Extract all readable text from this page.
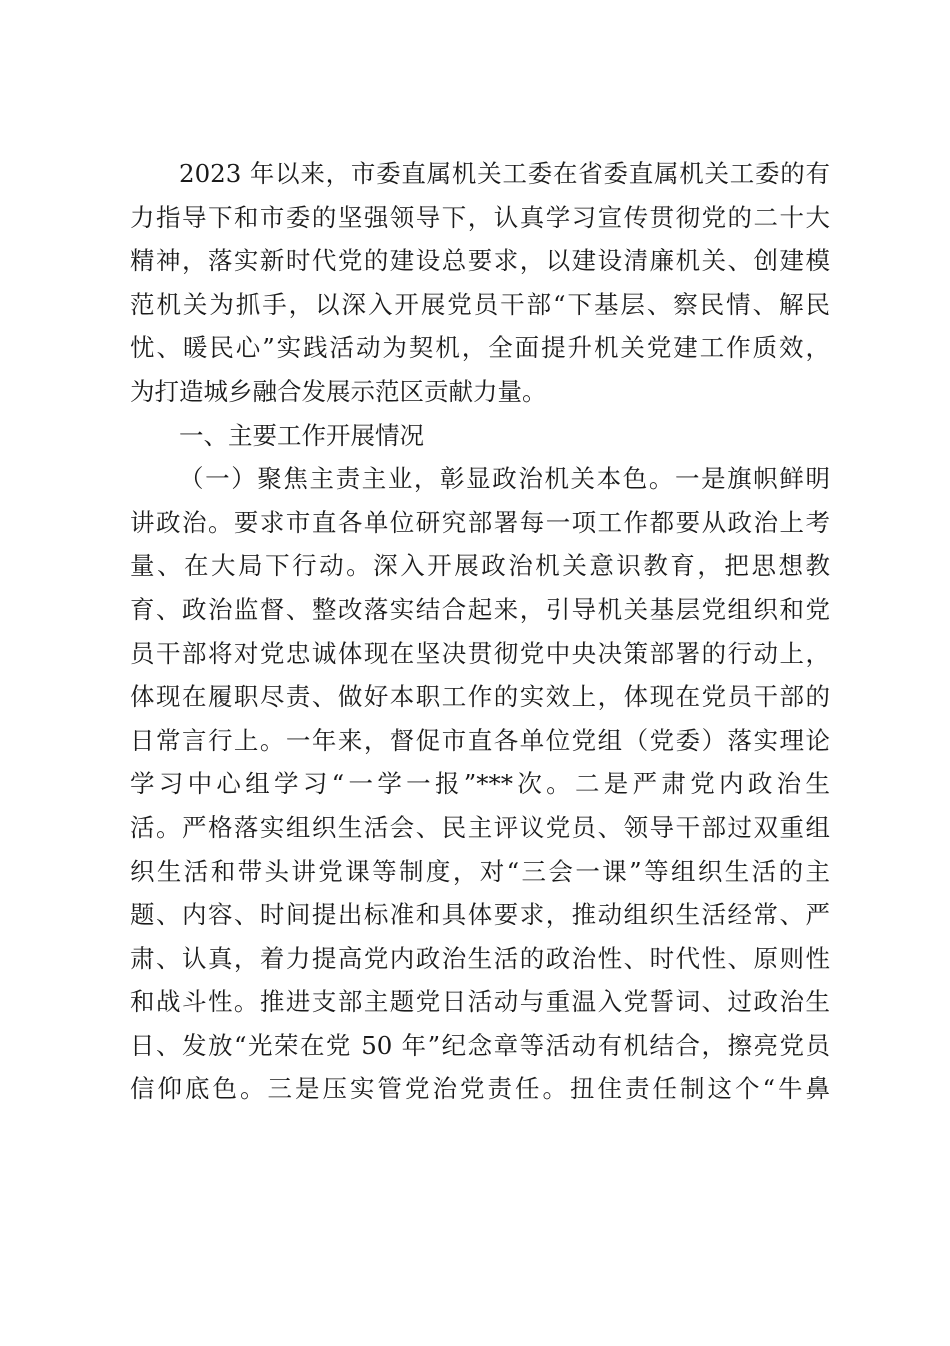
2023 年以来，市委直属机关工委在省委直属机关工委的有
力指导下和市委的坚强领导下，认真学习宣传贯彻党的二十大
精神，落实新时代党的建设总要求，以建设清廉机关、创建模
范机关为抓手，以深入开展党员干部“下基层、察民情、解民
忧、暖民心”实践活动为契机，全面提升机关党建工作质效，
为打造城乡融合发展示范区贡献力量。
一、主要工作开展情况
（一）聚焦主责主业，彰显政治机关本色。一是旗帜鲜明
讲政治。要求市直各单位研究部署每一项工作都要从政治上考
量、在大局下行动。深入开展政治机关意识教育，把思想教
育、政治监督、整改落实结合起来，引导机关基层党组织和党
员干部将对党忠诚体现在坚决贯彻党中央决策部署的行动上，
体现在履职尽责、做好本职工作的实效上，体现在党员干部的
日常言行上。一年来，督促市直各单位党组（党委）落实理论
学习中心组学习“一学一报”***次。二是严肃党内政治生
活。严格落实组织生活会、民主评议党员、领导干部过双重组
织生活和带头讲党课等制度，对“三会一课”等组织生活的主
题、内容、时间提出标准和具体要求，推动组织生活经常、严
肃、认真，着力提高党内政治生活的政治性、时代性、原则性
和战斗性。推进支部主题党日活动与重温入党誓词、过政治生
日、发放“光荣在党 50 年”纪念章等活动有机结合，擦亮党员
信仰底色。三是压实管党治党责任。扭住责任制这个“牛鼻
